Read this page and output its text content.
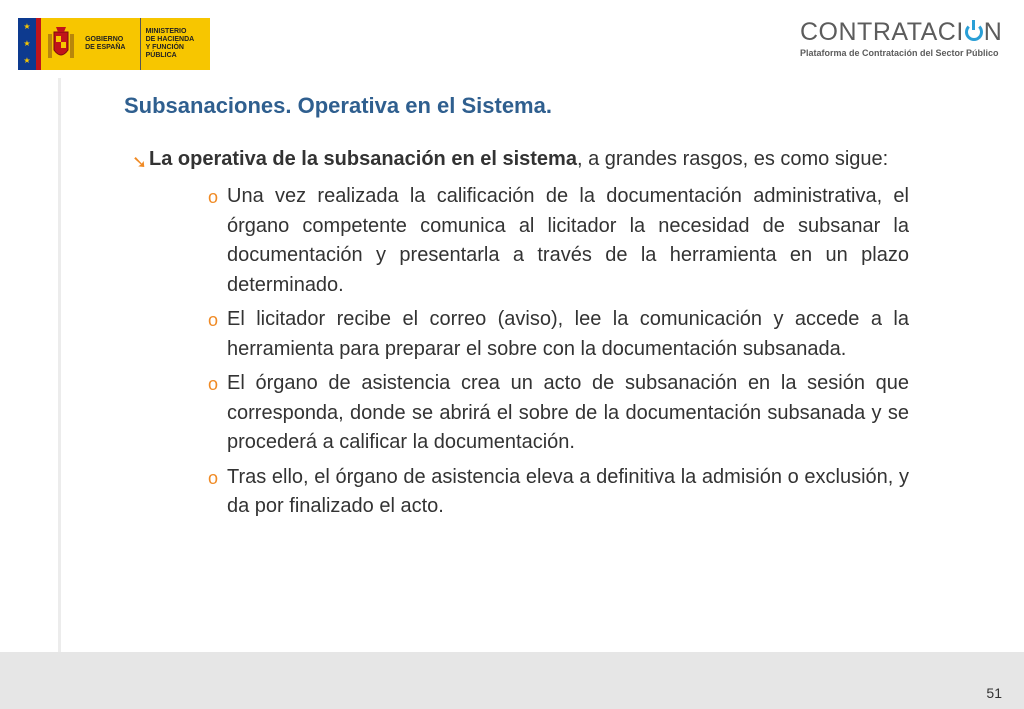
★
★
★
GOBIERNO
DE ESPAÑA
MINISTERIO
DE HACIENDA
Y FUNCIÓN PÚBLICA
CONTRATACI N
Plataforma de Contratación del Sector Público
Subsanaciones. Operativa en el Sistema.
➘ La operativa de la subsanación en el sistema, a grandes rasgos, es como sigue:
o Una vez realizada la calificación de la documentación administrativa, el órgano competente comunica al licitador la necesidad de subsanar la documentación y presentarla a través de la herramienta en un plazo determinado.
o El licitador recibe el correo (aviso), lee la comunicación y accede a la herramienta para preparar el sobre con la documentación subsanada.
o El órgano de asistencia crea un acto de subsanación en la sesión que corresponda, donde se abrirá el sobre de la documentación subsanada y se procederá a calificar la documentación.
o Tras ello, el órgano de asistencia eleva a definitiva la admisión o exclusión, y da por finalizado el acto.
51
